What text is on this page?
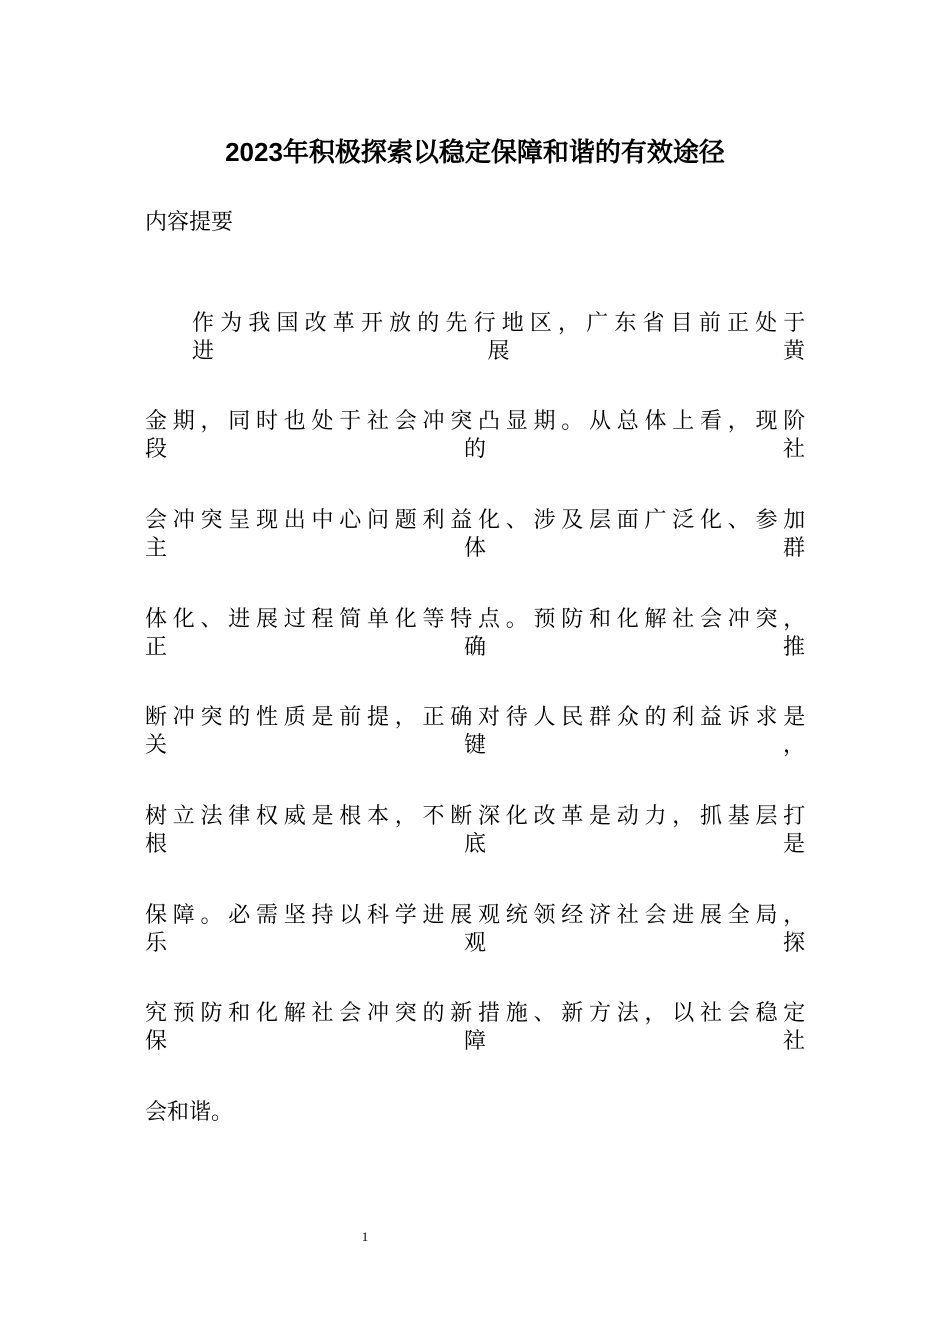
2023年积极探索以稳定保障和谐的有效途径
内容提要
作 为 我 国 改 革 开 放 的 先 行 地 区 ， 广 东 省 目 前 正 处 于 进	展	黄
金 期 ， 同 时 也 处 于 社 会 冲 突 凸 显 期 。 从 总 体 上 看 ， 现 阶 段	的	社
会 冲 突 呈 现 出 中 心 问 题 利 益 化 、 涉 及 层 面 广 泛 化 、 参 加 主	体	群
体 化 、 进 展 过 程 简 单 化 等 特 点 。 预 防 和 化 解 社 会 冲 突 ， 正	确	推
断 冲 突 的 性 质 是 前 提 ， 正 确 对 待 人 民 群 众 的 利 益 诉 求 是 关	键	，
树 立 法 律 权 威 是 根 本 ， 不 断 深 化 改 革 是 动 力 ， 抓 基 层 打 根	底	是
保 障 。 必 需 坚 持 以 科 学 进 展 观 统 领 经 济 社 会 进 展 全 局 ， 乐	观	探
究 预 防 和 化 解 社 会 冲 突 的 新 措 施 、 新 方 法 ， 以 社 会 稳 定 保	障	社
会和谐。
1
